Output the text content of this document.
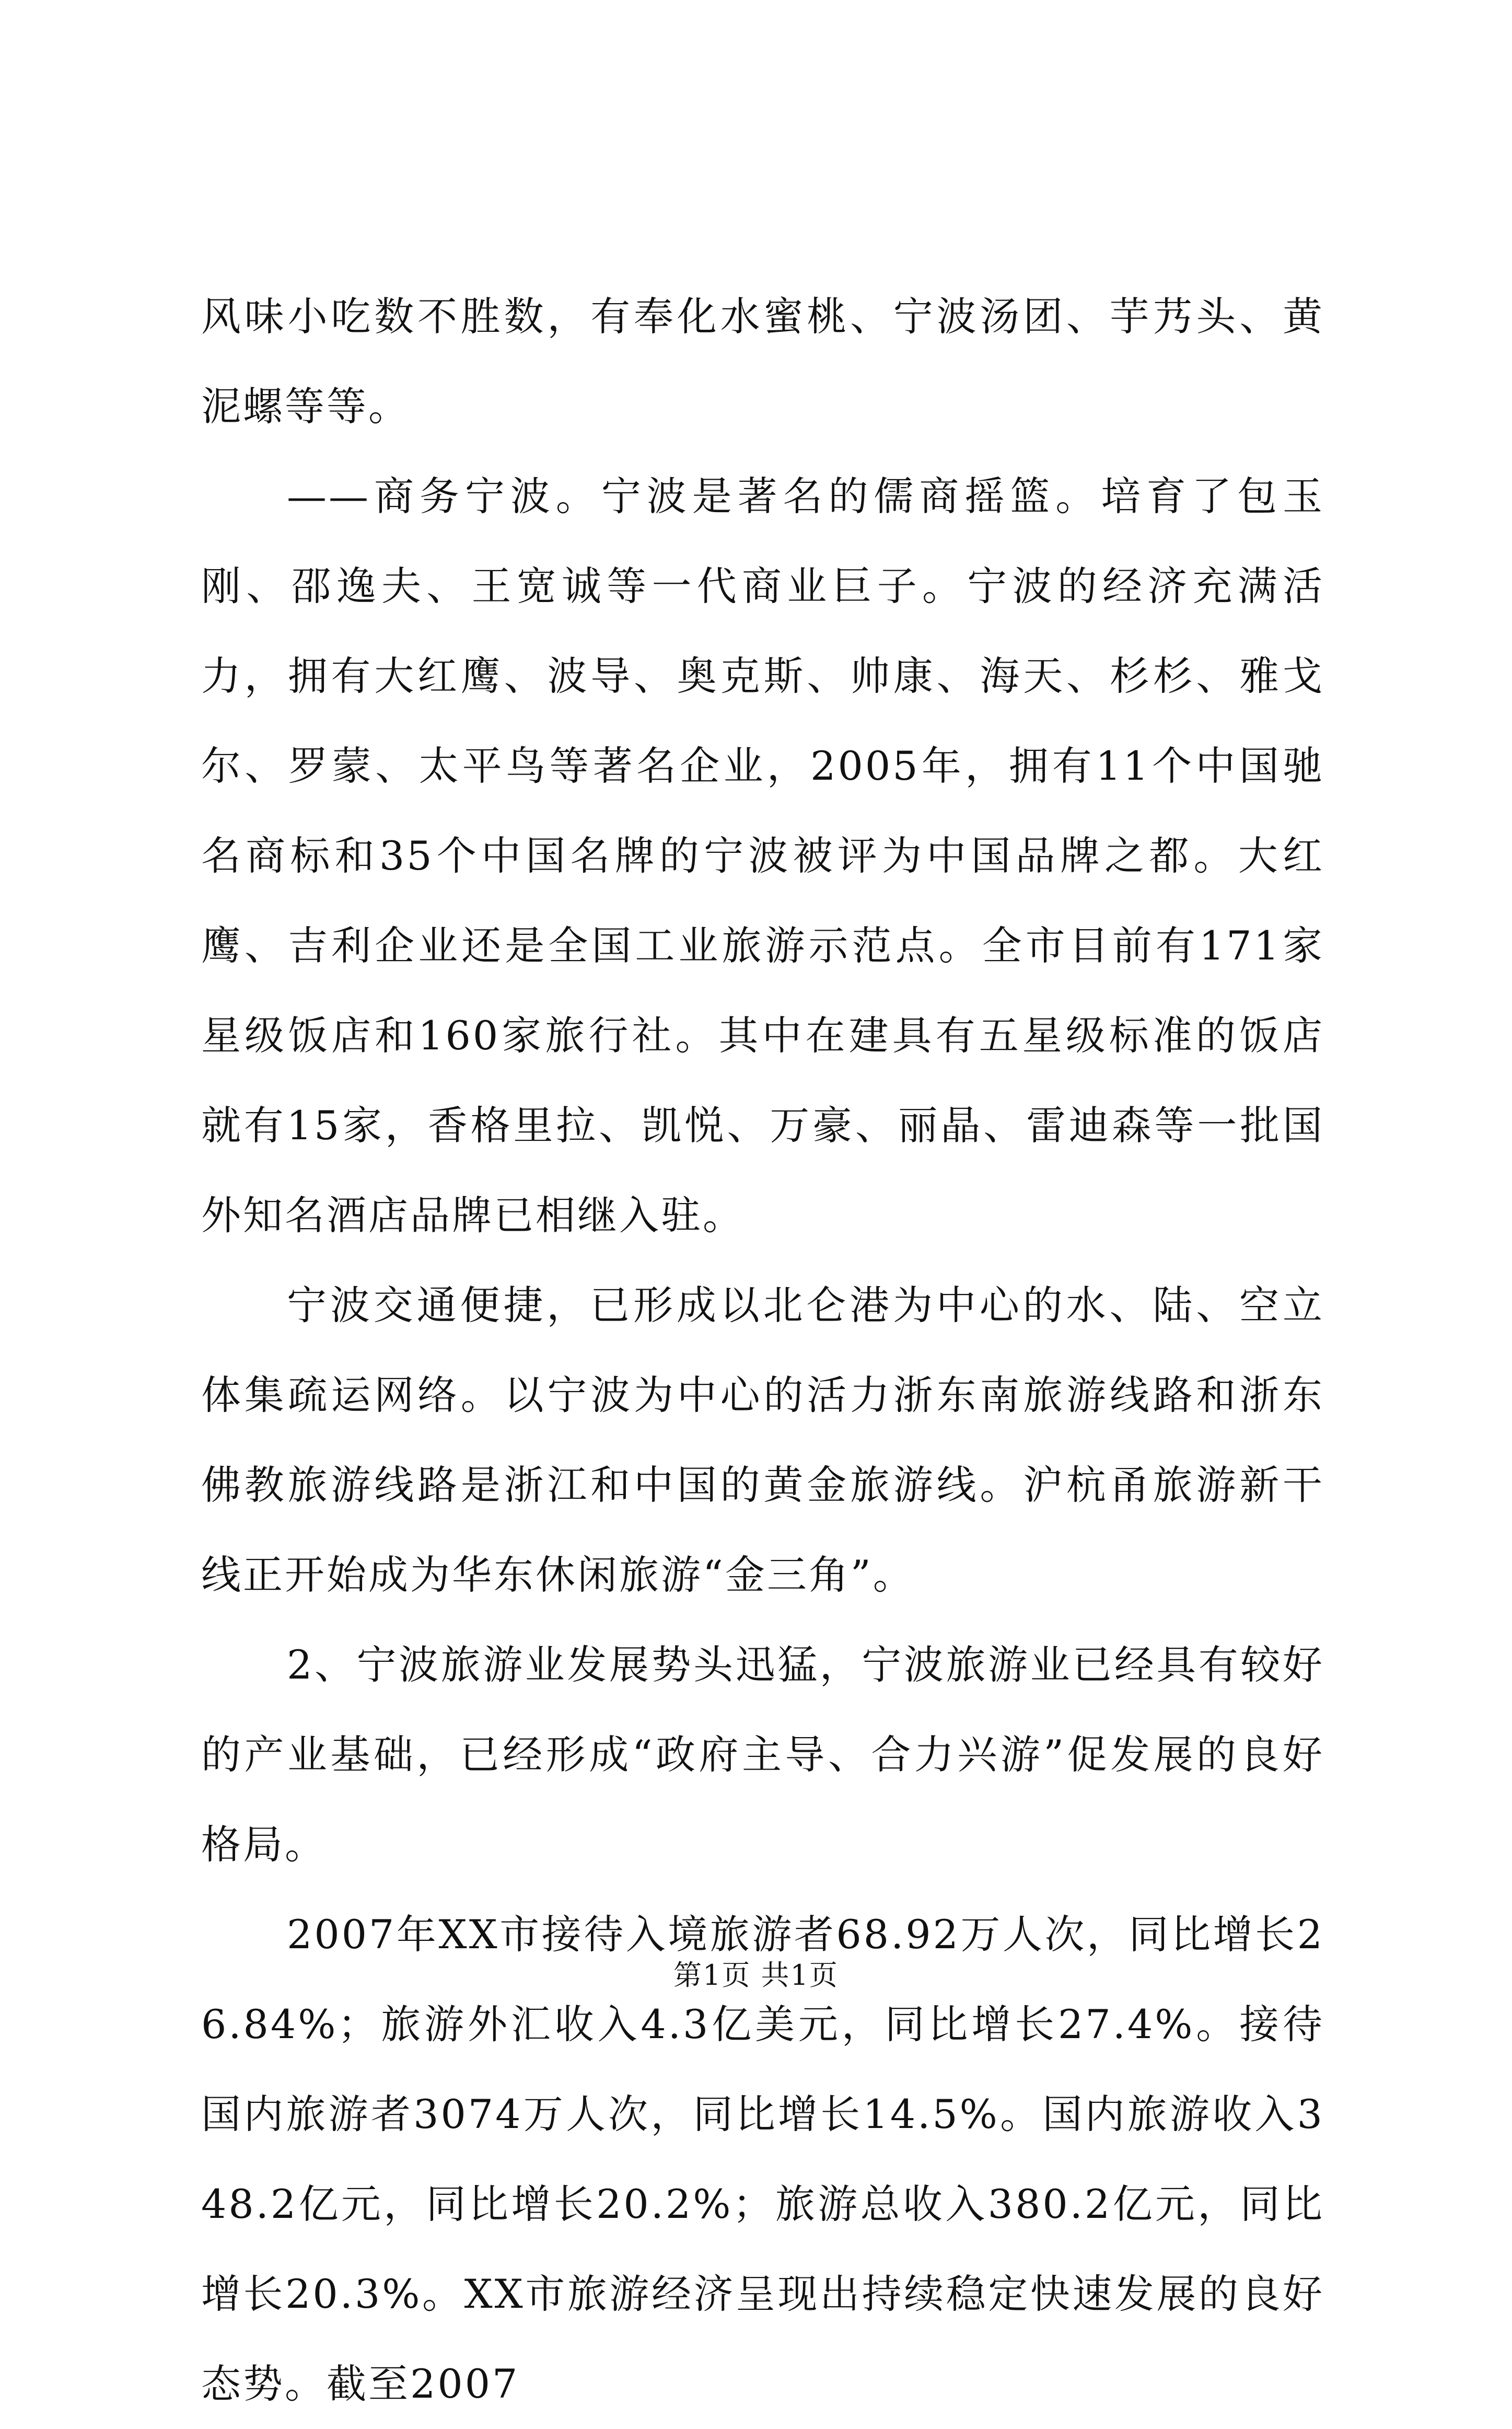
风味小吃数不胜数，有奉化水蜜桃、宁波汤团、芋艿头、黄泥螺等等。

——商务宁波。宁波是著名的儒商摇篮。培育了包玉刚、邵逸夫、王宽诚等一代商业巨子。宁波的经济充满活力，拥有大红鹰、波导、奥克斯、帅康、海天、杉杉、雅戈尔、罗蒙、太平鸟等著名企业，2005年，拥有11个中国驰名商标和35个中国名牌的宁波被评为中国品牌之都。大红鹰、吉利企业还是全国工业旅游示范点。全市目前有171家星级饭店和160家旅行社。其中在建具有五星级标准的饭店就有15家，香格里拉、凯悦、万豪、丽晶、雷迪森等一批国外知名酒店品牌已相继入驻。

宁波交通便捷，已形成以北仑港为中心的水、陆、空立体集疏运网络。以宁波为中心的活力浙东南旅游线路和浙东佛教旅游线路是浙江和中国的黄金旅游线。沪杭甬旅游新干线正开始成为华东休闲旅游“金三角”。

2、宁波旅游业发展势头迅猛，宁波旅游业已经具有较好的产业基础，已经形成“政府主导、合力兴游”促发展的良好格局。

2007年XX市接待入境旅游者68.92万人次，同比增长26.84%；旅游外汇收入4.3亿美元，同比增长27.4%。接待国内旅游者3074万人次，同比增长14.5%。国内旅游收入348.2亿元，同比增长20.2%；旅游总收入380.2亿元，同比增长20.3%。XX市旅游经济呈现出持续稳定快速发展的良好态势。截至2007

第1页 共1页
